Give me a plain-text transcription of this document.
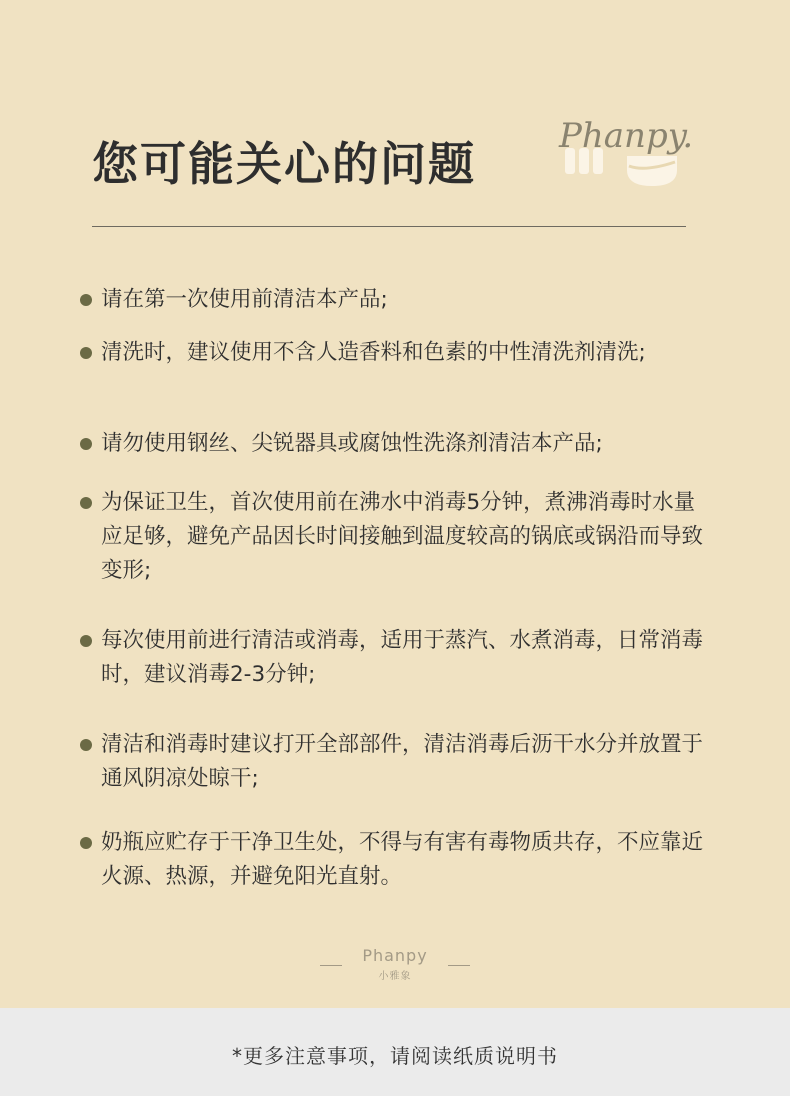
您可能关心的问题
Phanpy.
请在第一次使用前清洁本产品;
清洗时，建议使用不含人造香料和色素的中性清洗剂清洗;
请勿使用钢丝、尖锐器具或腐蚀性洗涤剂清洁本产品;
为保证卫生，首次使用前在沸水中消毒5分钟，煮沸消毒时水量应足够，避免产品因长时间接触到温度较高的锅底或锅沿而导致变形;
每次使用前进行清洁或消毒，适用于蒸汽、水煮消毒，日常消毒时，建议消毒2-3分钟;
清洁和消毒时建议打开全部部件，清洁消毒后沥干水分并放置于通风阴凉处晾干;
奶瓶应贮存于干净卫生处，不得与有害有毒物质共存，不应靠近火源、热源，并避免阳光直射。
Phanpy
小雅象
*更多注意事项，请阅读纸质说明书
